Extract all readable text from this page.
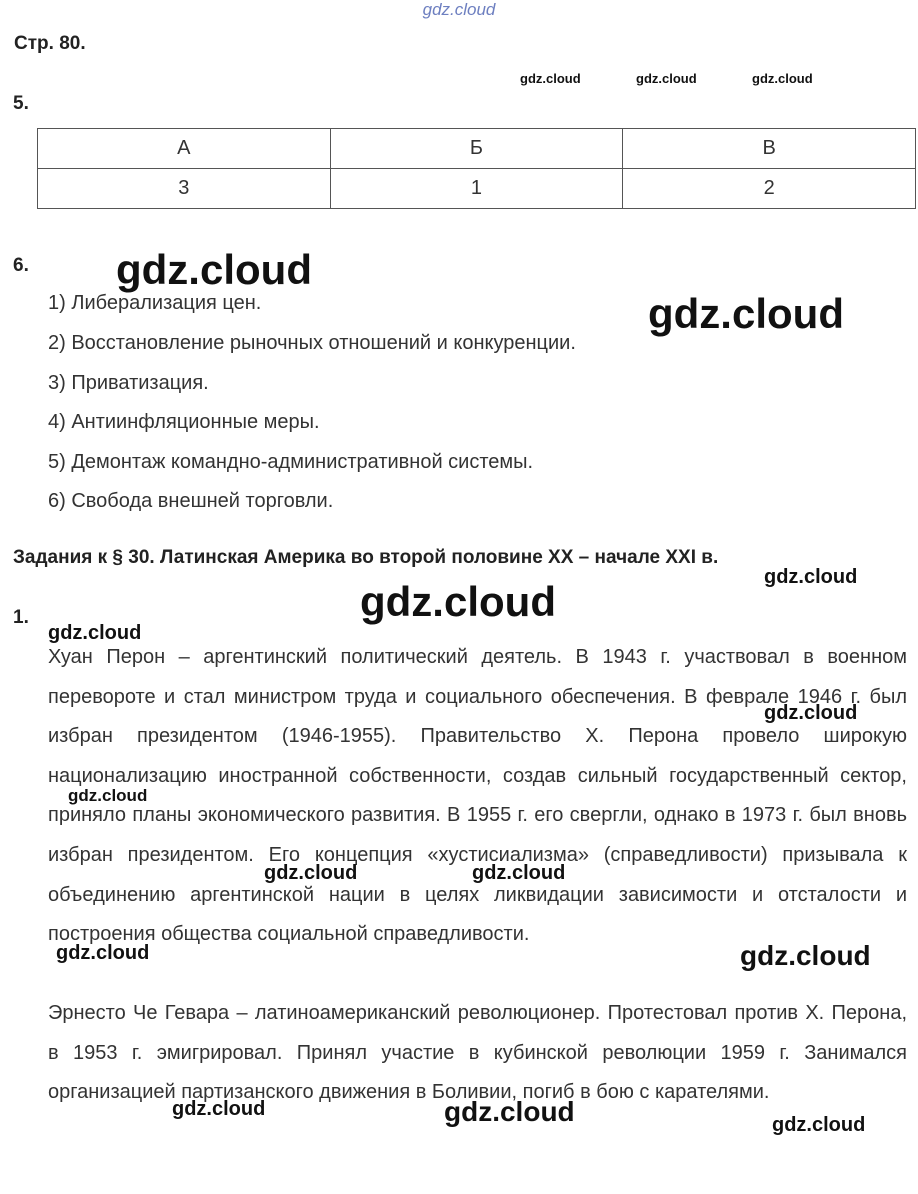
gdz.cloud
Стр. 80.
gdz.cloud	gdz.cloud	gdz.cloud
5.
А	Б	В
3	1	2
6. gdz.cloud
gdz.cloud
1) Либерализация цен.
2) Восстановление рыночных отношений и конкуренции.
3) Приватизация.
4) Антиинфляционные меры.
5) Демонтаж командно-административной системы.
6) Свобода внешней торговли.
Задания к § 30. Латинская Америка во второй половине XX – начале XXI в.
gdz.cloud
gdz.cloud
1.
gdz.cloud

Хуан Перон – аргентинский политический деятель. В 1943 г. участвовал в военном перевороте и стал министром труда и социального обеспечения. В феврале 1946 г. был избран президентом (1946-1955). Правительство Х. Перона провело широкую национализацию иностранной собственности, создав сильный государственный сектор, приняло планы экономического развития. В 1955 г. его свергли, однако в 1973 г. был вновь избран президентом. Его концепция «хустисиализма» (справедливости) призывала к объединению аргентинской нации в целях ликвидации зависимости и отсталости и построения общества социальной справедливости.

Эрнесто Че Гевара – латиноамериканский революционер. Протестовал против Х. Перона, в 1953 г. эмигрировал. Принял участие в кубинской революции 1959 г. Занимался организацией партизанского движения в Боливии, погиб в бою с карателями.

gdz.cloud
gdz.cloud
gdz.cloud	gdz.cloud
gdz.cloud	gdz.cloud
gdz.cloud	gdz.cloud	gdz.cloud
